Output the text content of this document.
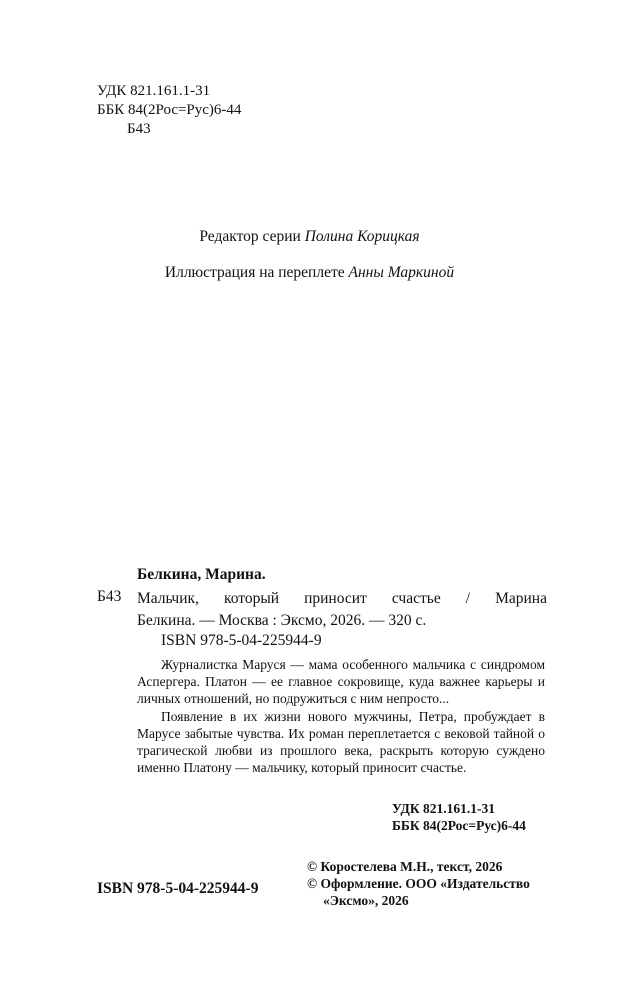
УДК 821.161.1-31
ББК 84(2Рос=Рус)6-44
Б43
Редактор серии Полина Корицкая
Иллюстрация на переплете Анны Маркиной
Белкина, Марина.
Б43 Мальчик, который приносит счастье / Марина
Белкина. — Москва : Эксмо, 2026. — 320 с.
ISBN 978-5-04-225944-9

Журналистка Маруся — мама особенного мальчика с синдромом Аспергера. Платон — ее главное сокровище, куда важнее карьеры и личных отношений, но подружиться с ним непросто...

Появление в их жизни нового мужчины, Петра, пробуждает в Марусе забытые чувства. Их роман переплетается с вековой тайной о трагической любви из прошлого века, раскрыть которую суждено именно Платону — мальчику, который приносит счастье.

УДК 821.161.1-31
ББК 84(2Рос=Рус)6-44
© Коростелева М.Н., текст, 2026
© Оформление. ООО «Издательство
«Эксмо», 2026
ISBN 978-5-04-225944-9
